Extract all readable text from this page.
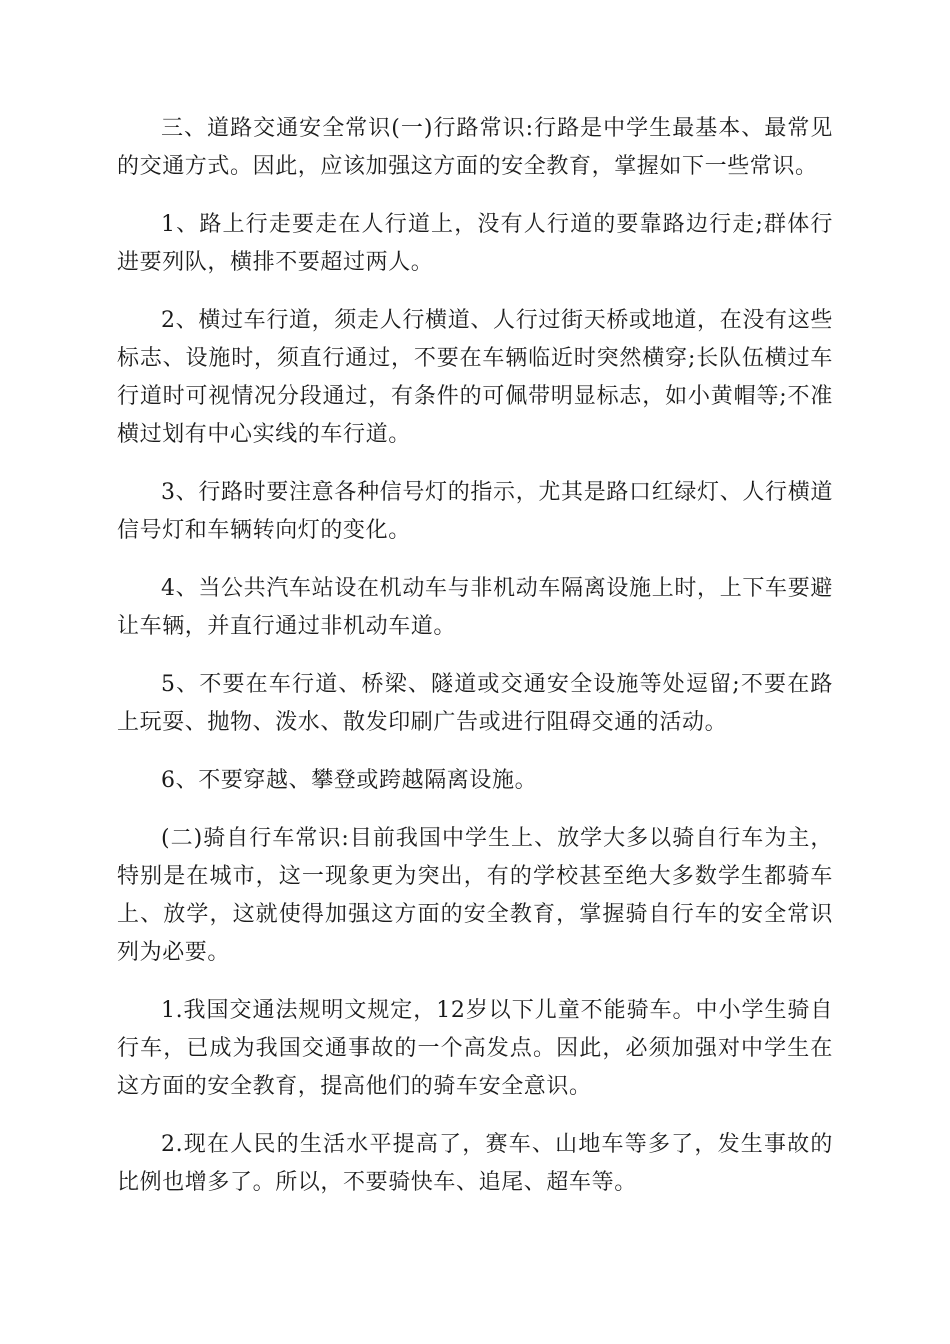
三、道路交通安全常识(一)行路常识:行路是中学生最基本、最常见的交通方式。因此，应该加强这方面的安全教育，掌握如下一些常识。

1、路上行走要走在人行道上，没有人行道的要靠路边行走;群体行进要列队，横排不要超过两人。

2、横过车行道，须走人行横道、人行过街天桥或地道，在没有这些标志、设施时，须直行通过，不要在车辆临近时突然横穿;长队伍横过车行道时可视情况分段通过，有条件的可佩带明显标志，如小黄帽等;不准横过划有中心实线的车行道。

3、行路时要注意各种信号灯的指示，尤其是路口红绿灯、人行横道信号灯和车辆转向灯的变化。

4、当公共汽车站设在机动车与非机动车隔离设施上时，上下车要避让车辆，并直行通过非机动车道。

5、不要在车行道、桥梁、隧道或交通安全设施等处逗留;不要在路上玩耍、抛物、泼水、散发印刷广告或进行阻碍交通的活动。

6、不要穿越、攀登或跨越隔离设施。

(二)骑自行车常识:目前我国中学生上、放学大多以骑自行车为主，特别是在城市，这一现象更为突出，有的学校甚至绝大多数学生都骑车上、放学，这就使得加强这方面的安全教育，掌握骑自行车的安全常识列为必要。

1.我国交通法规明文规定，12岁以下儿童不能骑车。中小学生骑自行车，已成为我国交通事故的一个高发点。因此，必须加强对中学生在这方面的安全教育，提高他们的骑车安全意识。

2.现在人民的生活水平提高了，赛车、山地车等多了，发生事故的比例也增多了。所以，不要骑快车、追尾、超车等。
